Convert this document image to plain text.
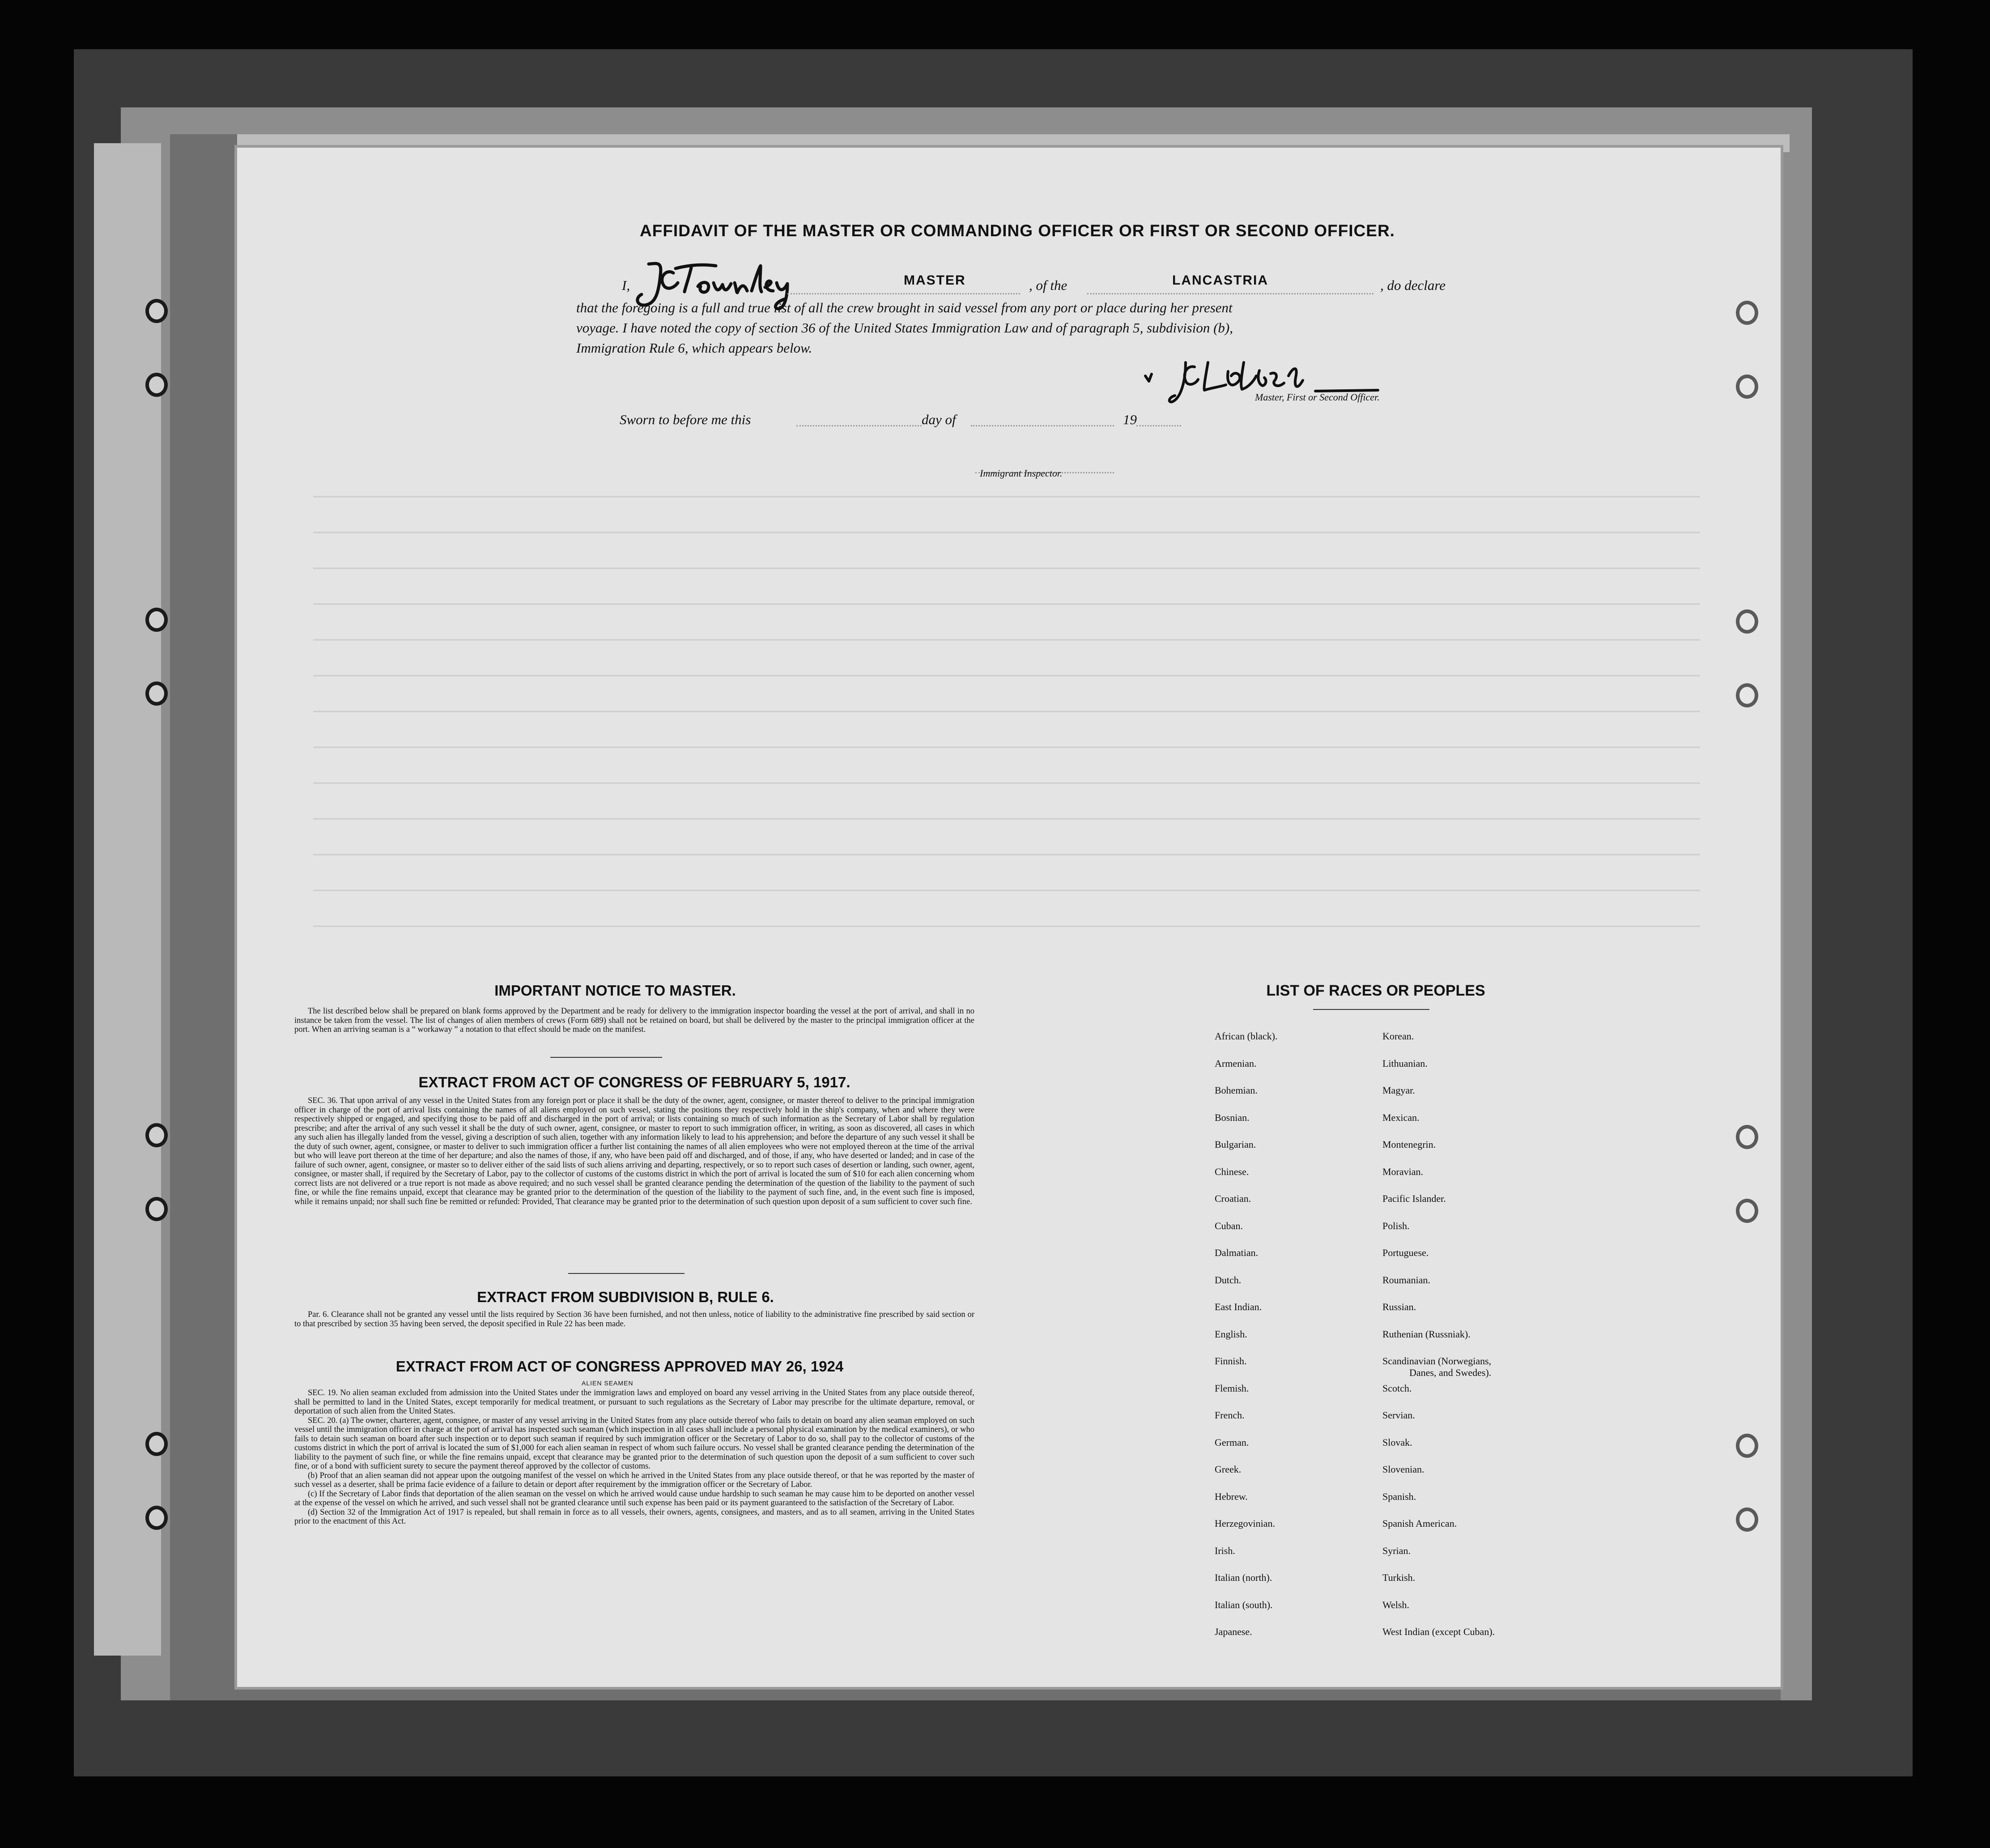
AFFIDAVIT OF THE MASTER OR COMMANDING OFFICER OR FIRST OR SECOND OFFICER.
I,	MASTER	, of the	LANCASTRIA	, do declare
that the foregoing is a full and true list of all the crew brought in said vessel from any port or place during her present
voyage. I have noted the copy of section 36 of the United States Immigration Law and of paragraph 5, subdivision (b),
Immigration Rule 6, which appears below.
Master, First or Second Officer.
Sworn to before me this	day of	19
Immigrant Inspector.
IMPORTANT NOTICE TO MASTER.

The list described below shall be prepared on blank forms approved by the Department and be ready for delivery to the immigration inspector boarding the vessel at the port of arrival, and shall in no instance be taken from the vessel. The list of changes of alien members of crews (Form 689) shall not be retained on board, but shall be delivered by the master to the principal immigration officer at the port. When an arriving seaman is a “ workaway ” a notation to that effect should be made on the manifest.

EXTRACT FROM ACT OF CONGRESS OF FEBRUARY 5, 1917.

SEC. 36. That upon arrival of any vessel in the United States from any foreign port or place it shall be the duty of the owner, agent, consignee, or master thereof to deliver to the principal immigration officer in charge of the port of arrival lists containing the names of all aliens employed on such vessel, stating the positions they respectively hold in the ship's company, when and where they were respectively shipped or engaged, and specifying those to be paid off and discharged in the port of arrival; or lists containing so much of such information as the Secretary of Labor shall by regulation prescribe; and after the arrival of any such vessel it shall be the duty of such owner, agent, consignee, or master to report to such immigration officer, in writing, as soon as discovered, all cases in which any such alien has illegally landed from the vessel, giving a description of such alien, together with any information likely to lead to his apprehension; and before the departure of any such vessel it shall be the duty of such owner, agent, consignee, or master to deliver to such immigration officer a further list containing the names of all alien employees who were not employed thereon at the time of the arrival but who will leave port thereon at the time of her departure; and also the names of those, if any, who have been paid off and discharged, and of those, if any, who have deserted or landed; and in case of the failure of such owner, agent, consignee, or master so to deliver either of the said lists of such aliens arriving and departing, respectively, or so to report such cases of desertion or landing, such owner, agent, consignee, or master shall, if required by the Secretary of Labor, pay to the collector of customs of the customs district in which the port of arrival is located the sum of $10 for each alien concerning whom correct lists are not delivered or a true report is not made as above required; and no such vessel shall be granted clearance pending the determination of the question of the liability to the payment of such fine, or while the fine remains unpaid, except that clearance may be granted prior to the determination of the question of the liability to the payment of such fine, and, in the event such fine is imposed, while it remains unpaid; nor shall such fine be remitted or refunded: Provided, That clearance may be granted prior to the determination of such question upon deposit of a sum sufficient to cover such fine.

EXTRACT FROM SUBDIVISION B, RULE 6.

Par. 6. Clearance shall not be granted any vessel until the lists required by Section 36 have been furnished, and not then unless, notice of liability to the administrative fine prescribed by said section or to that prescribed by section 35 having been served, the deposit specified in Rule 22 has been made.

EXTRACT FROM ACT OF CONGRESS APPROVED MAY 26, 1924
ALIEN SEAMEN

SEC. 19. No alien seaman excluded from admission into the United States under the immigration laws and employed on board any vessel arriving in the United States from any place outside thereof, shall be permitted to land in the United States, except temporarily for medical treatment, or pursuant to such regulations as the Secretary of Labor may prescribe for the ultimate departure, removal, or deportation of such alien from the United States.

SEC. 20. (a) The owner, charterer, agent, consignee, or master of any vessel arriving in the United States from any place outside thereof who fails to detain on board any alien seaman employed on such vessel until the immigration officer in charge at the port of arrival has inspected such seaman (which inspection in all cases shall include a personal physical examination by the medical examiners), or who fails to detain such seaman on board after such inspection or to deport such seaman if required by such immigration officer or the Secretary of Labor to do so, shall pay to the collector of customs of the customs district in which the port of arrival is located the sum of $1,000 for each alien seaman in respect of whom such failure occurs. No vessel shall be granted clearance pending the determination of the liability to the payment of such fine, or while the fine remains unpaid, except that clearance may be granted prior to the determination of such question upon the deposit of a sum sufficient to cover such fine, or of a bond with sufficient surety to secure the payment thereof approved by the collector of customs.

(b) Proof that an alien seaman did not appear upon the outgoing manifest of the vessel on which he arrived in the United States from any place outside thereof, or that he was reported by the master of such vessel as a deserter, shall be prima facie evidence of a failure to detain or deport after requirement by the immigration officer or the Secretary of Labor.

(c) If the Secretary of Labor finds that deportation of the alien seaman on the vessel on which he arrived would cause undue hardship to such seaman he may cause him to be deported on another vessel at the expense of the vessel on which he arrived, and such vessel shall not be granted clearance until such expense has been paid or its payment guaranteed to the satisfaction of the Secretary of Labor.

(d) Section 32 of the Immigration Act of 1917 is repealed, but shall remain in force as to all vessels, their owners, agents, consignees, and masters, and as to all seamen, arriving in the United States prior to the enactment of this Act.

LIST OF RACES OR PEOPLES
African (black).
Armenian.
Bohemian.
Bosnian.
Bulgarian.
Chinese.
Croatian.
Cuban.
Dalmatian.
Dutch.
East Indian.
English.
Finnish.
Flemish.
French.
German.
Greek.
Hebrew.
Herzegovinian.
Irish.
Italian (north).
Italian (south).
Japanese.
Korean.
Lithuanian.
Magyar.
Mexican.
Montenegrin.
Moravian.
Pacific Islander.
Polish.
Portuguese.
Roumanian.
Russian.
Ruthenian (Russniak).
Scandinavian (Norwegians,
Danes, and Swedes).
Scotch.
Servian.
Slovak.
Slovenian.
Spanish.
Spanish American.
Syrian.
Turkish.
Welsh.
West Indian (except Cuban).
